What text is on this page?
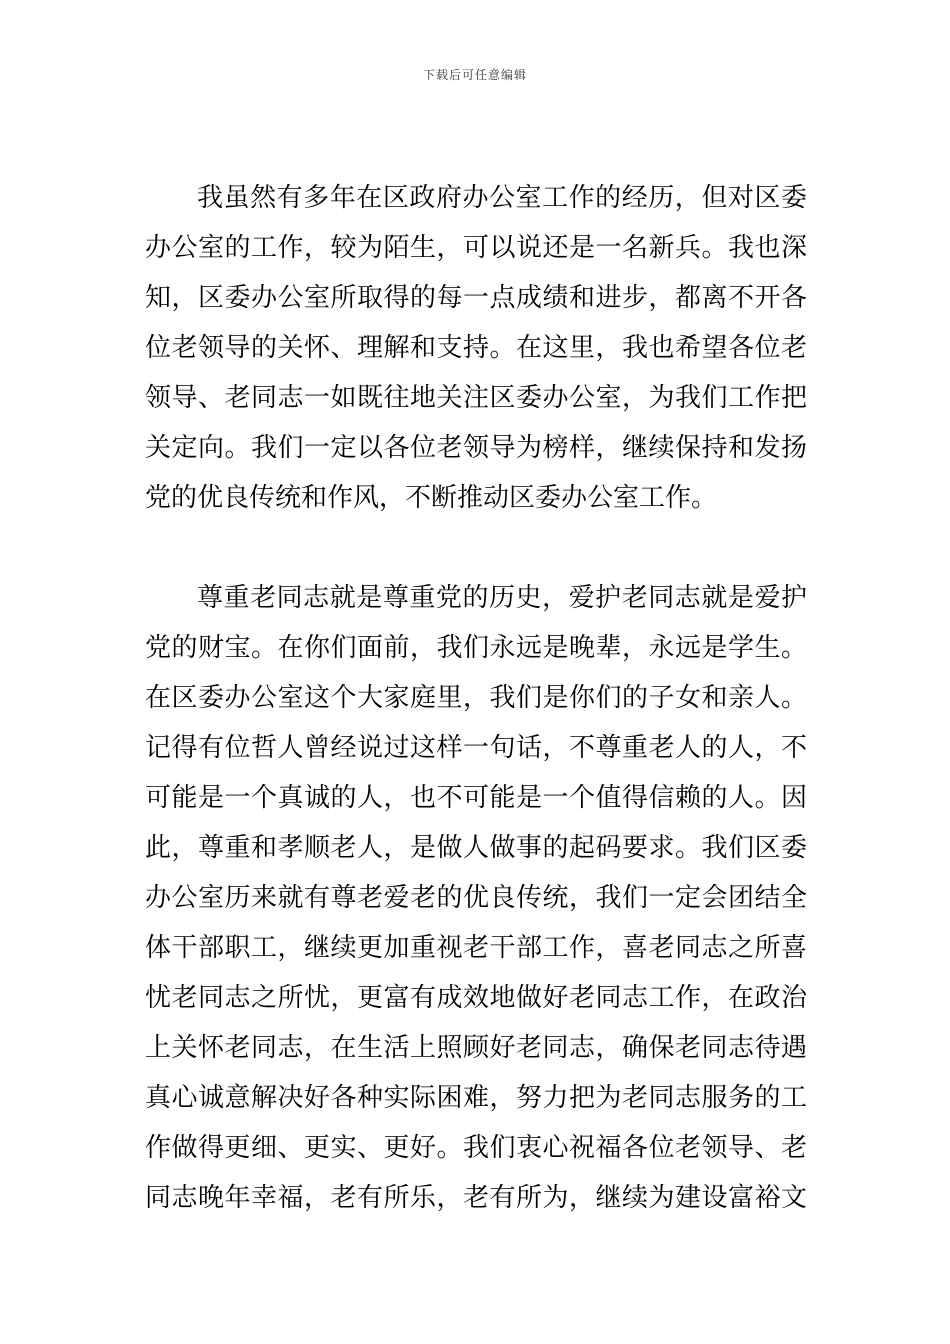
下载后可任意编辑
我虽然有多年在区政府办公室工作的经历，但对区委
办公室的工作，较为陌生，可以说还是一名新兵。我也深
知，区委办公室所取得的每一点成绩和进步，都离不开各
位老领导的关怀、理解和支持。在这里，我也希望各位老
领导、老同志一如既往地关注区委办公室，为我们工作把
关定向。我们一定以各位老领导为榜样，继续保持和发扬
党的优良传统和作风，不断推动区委办公室工作。
尊重老同志就是尊重党的历史，爱护老同志就是爱护
党的财宝。在你们面前，我们永远是晚辈，永远是学生。
在区委办公室这个大家庭里，我们是你们的子女和亲人。
记得有位哲人曾经说过这样一句话，不尊重老人的人，不
可能是一个真诚的人，也不可能是一个值得信赖的人。因
此，尊重和孝顺老人，是做人做事的起码要求。我们区委
办公室历来就有尊老爱老的优良传统，我们一定会团结全
体干部职工，继续更加重视老干部工作，喜老同志之所喜
忧老同志之所忧，更富有成效地做好老同志工作，在政治
上关怀老同志，在生活上照顾好老同志，确保老同志待遇
真心诚意解决好各种实际困难，努力把为老同志服务的工
作做得更细、更实、更好。我们衷心祝福各位老领导、老
同志晚年幸福，老有所乐，老有所为，继续为建设富裕文
